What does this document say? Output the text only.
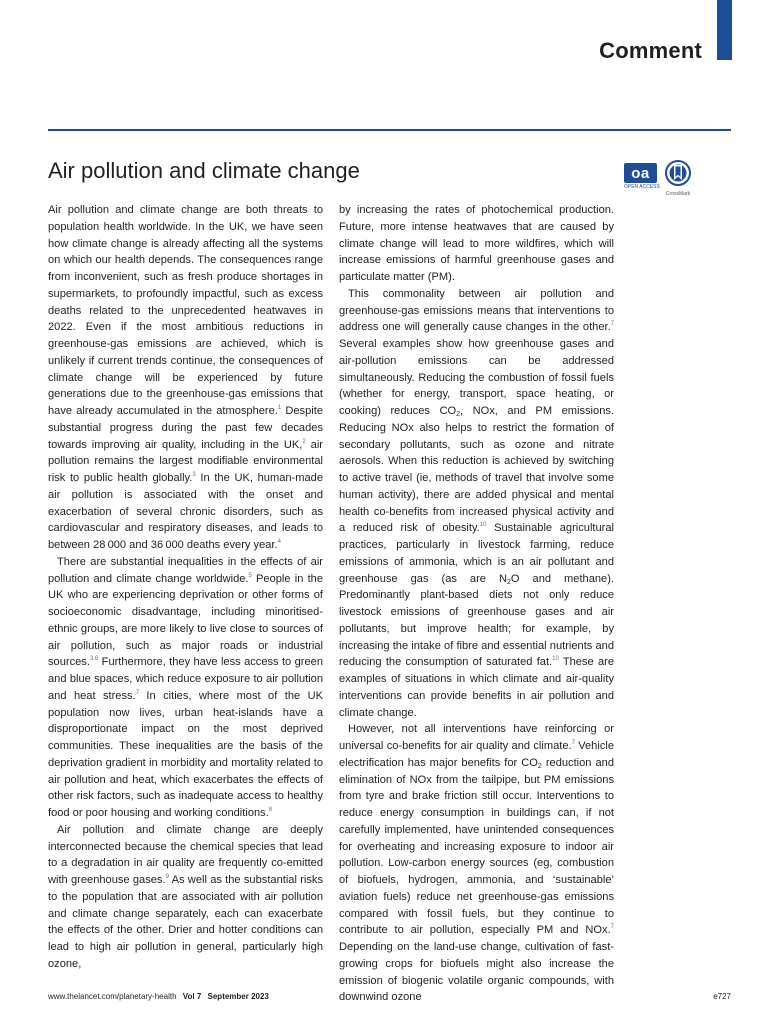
Comment
Air pollution and climate change	oa
OPEN ACCESS
CrossMark

Air pollution and climate change are both threats to population health worldwide. In the UK, we have seen how climate change is already affecting all the systems on which our health depends. The consequences range from inconvenient, such as fresh produce shortages in supermarkets, to profoundly impactful, such as excess deaths related to the unprecedented heatwaves in 2022. Even if the most ambitious reductions in greenhouse-gas emissions are achieved, which is unlikely if current trends continue, the consequences of climate change will be experienced by future generations due to the greenhouse-gas emissions that have already accumulated in the atmosphere.$^1$ Despite substantial progress during the past few decades towards improving air quality, including in the UK,$^2$ air pollution remains the largest modifiable environmental risk to public health globally.$^3$ In the UK, human-made air pollution is associated with the onset and exacerbation of several chronic disorders, such as cardiovascular and respiratory diseases, and leads to between 28 000 and 36 000 deaths every year.$^4$

There are substantial inequalities in the effects of air pollution and climate change worldwide.$^5$ People in the UK who are experiencing deprivation or other forms of socioeconomic disadvantage, including minoritised-ethnic groups, are more likely to live close to sources of air pollution, such as major roads or industrial sources.$^{3,6}$ Furthermore, they have less access to green and blue spaces, which reduce exposure to air pollution and heat stress.$^7$ In cities, where most of the UK population now lives, urban heat-islands have a disproportionate impact on the most deprived communities. These inequalities are the basis of the deprivation gradient in morbidity and mortality related to air pollution and heat, which exacerbates the effects of other risk factors, such as inadequate access to healthy food or poor housing and working conditions.$^8$

Air pollution and climate change are deeply interconnected because the chemical species that lead to a degradation in air quality are frequently co-emitted with greenhouse gases.$^9$ As well as the substantial risks to the population that are associated with air pollution and climate change separately, each can exacerbate the effects of the other. Drier and hotter conditions can lead to high air pollution in general, particularly high ozone,

by increasing the rates of photochemical production. Future, more intense heatwaves that are caused by climate change will lead to more wildfires, which will increase emissions of harmful greenhouse gases and particulate matter (PM).

This commonality between air pollution and greenhouse-gas emissions means that interventions to address one will generally cause changes in the other.$^7$ Several examples show how greenhouse gases and air-pollution emissions can be addressed simultaneously. Reducing the combustion of fossil fuels (whether for energy, transport, space heating, or cooking) reduces $CO_2$, NOx, and PM emissions. Reducing NOx also helps to restrict the formation of secondary pollutants, such as ozone and nitrate aerosols. When this reduction is achieved by switching to active travel (ie, methods of travel that involve some human activity), there are added physical and mental health co-benefits from increased physical activity and a reduced risk of obesity.$^{10}$ Sustainable agricultural practices, particularly in livestock farming, reduce emissions of ammonia, which is an air pollutant and greenhouse gas (as are $N_2O$ and methane). Predominantly plant-based diets not only reduce livestock emissions of greenhouse gases and air pollutants, but improve health; for example, by increasing the intake of fibre and essential nutrients and reducing the consumption of saturated fat.$^{10}$ These are examples of situations in which climate and air-quality interventions can provide benefits in air pollution and climate change.

However, not all interventions have reinforcing or universal co-benefits for air quality and climate.$^7$ Vehicle electrification has major benefits for $CO_2$ reduction and elimination of NOx from the tailpipe, but PM emissions from tyre and brake friction still occur. Interventions to reduce energy consumption in buildings can, if not carefully implemented, have unintended consequences for overheating and increasing exposure to indoor air pollution. Low-carbon energy sources (eg, combustion of biofuels, hydrogen, ammonia, and ‘sustainable’ aviation fuels) reduce net greenhouse-gas emissions compared with fossil fuels, but they continue to contribute to air pollution, especially PM and NOx.$^7$ Depending on the land-use change, cultivation of fast-growing crops for biofuels might also increase the emission of biogenic volatile organic compounds, with downwind ozone

www.thelancet.com/planetary-health Vol 7 September 2023	e727
